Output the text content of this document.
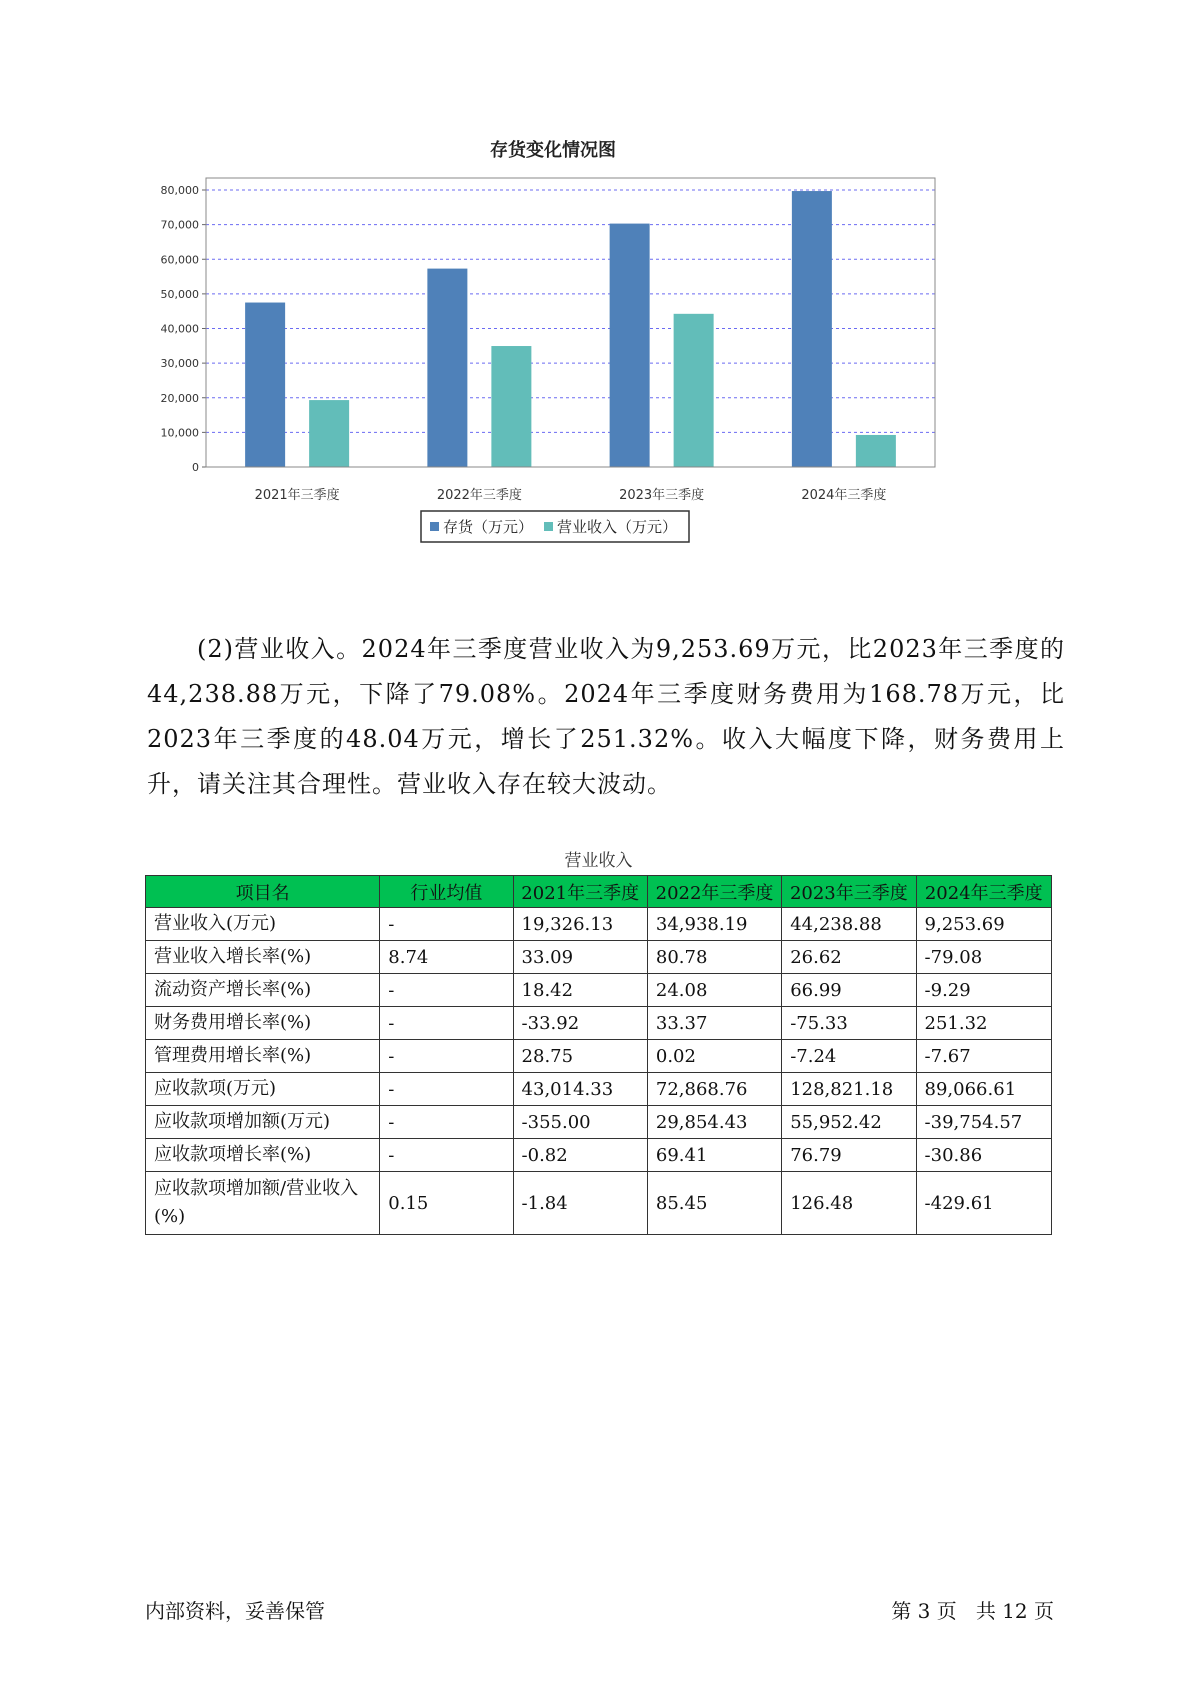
存货变化情况图
0
10,000
20,000
30,000
40,000
50,000
60,000
70,000
80,000
2021年三季度	2022年三季度	2023年三季度	2024年三季度
存货（万元） 营业收入（万元）
(2)营业收入。2024年三季度营业收入为9,253.69万元，比2023年三季度的44,238.88万元，下降了79.08%。2024年三季度财务费用为168.78万元，比2023年三季度的48.04万元，增长了251.32%。收入大幅度下降，财务费用上升，请关注其合理性。营业收入存在较大波动。
营业收入
项目名	行业均值	2021年三季度	2022年三季度	2023年三季度	2024年三季度
营业收入(万元)	-	19,326.13	34,938.19	44,238.88	9,253.69
营业收入增长率(%)	8.74	33.09	80.78	26.62	-79.08
流动资产增长率(%)	-	18.42	24.08	66.99	-9.29
财务费用增长率(%)	-	-33.92	33.37	-75.33	251.32
管理费用增长率(%)	-	28.75	0.02	-7.24	-7.67
应收款项(万元)	-	43,014.33	72,868.76	128,821.18	89,066.61
应收款项增加额(万元)	-	-355.00	29,854.43	55,952.42	-39,754.57
应收款项增长率(%)	-	-0.82	69.41	76.79	-30.86
应收款项增加额/营业收入(%)	0.15	-1.84	85.45	126.48	-429.61
内部资料，妥善保管	第 3 页   共 12 页
